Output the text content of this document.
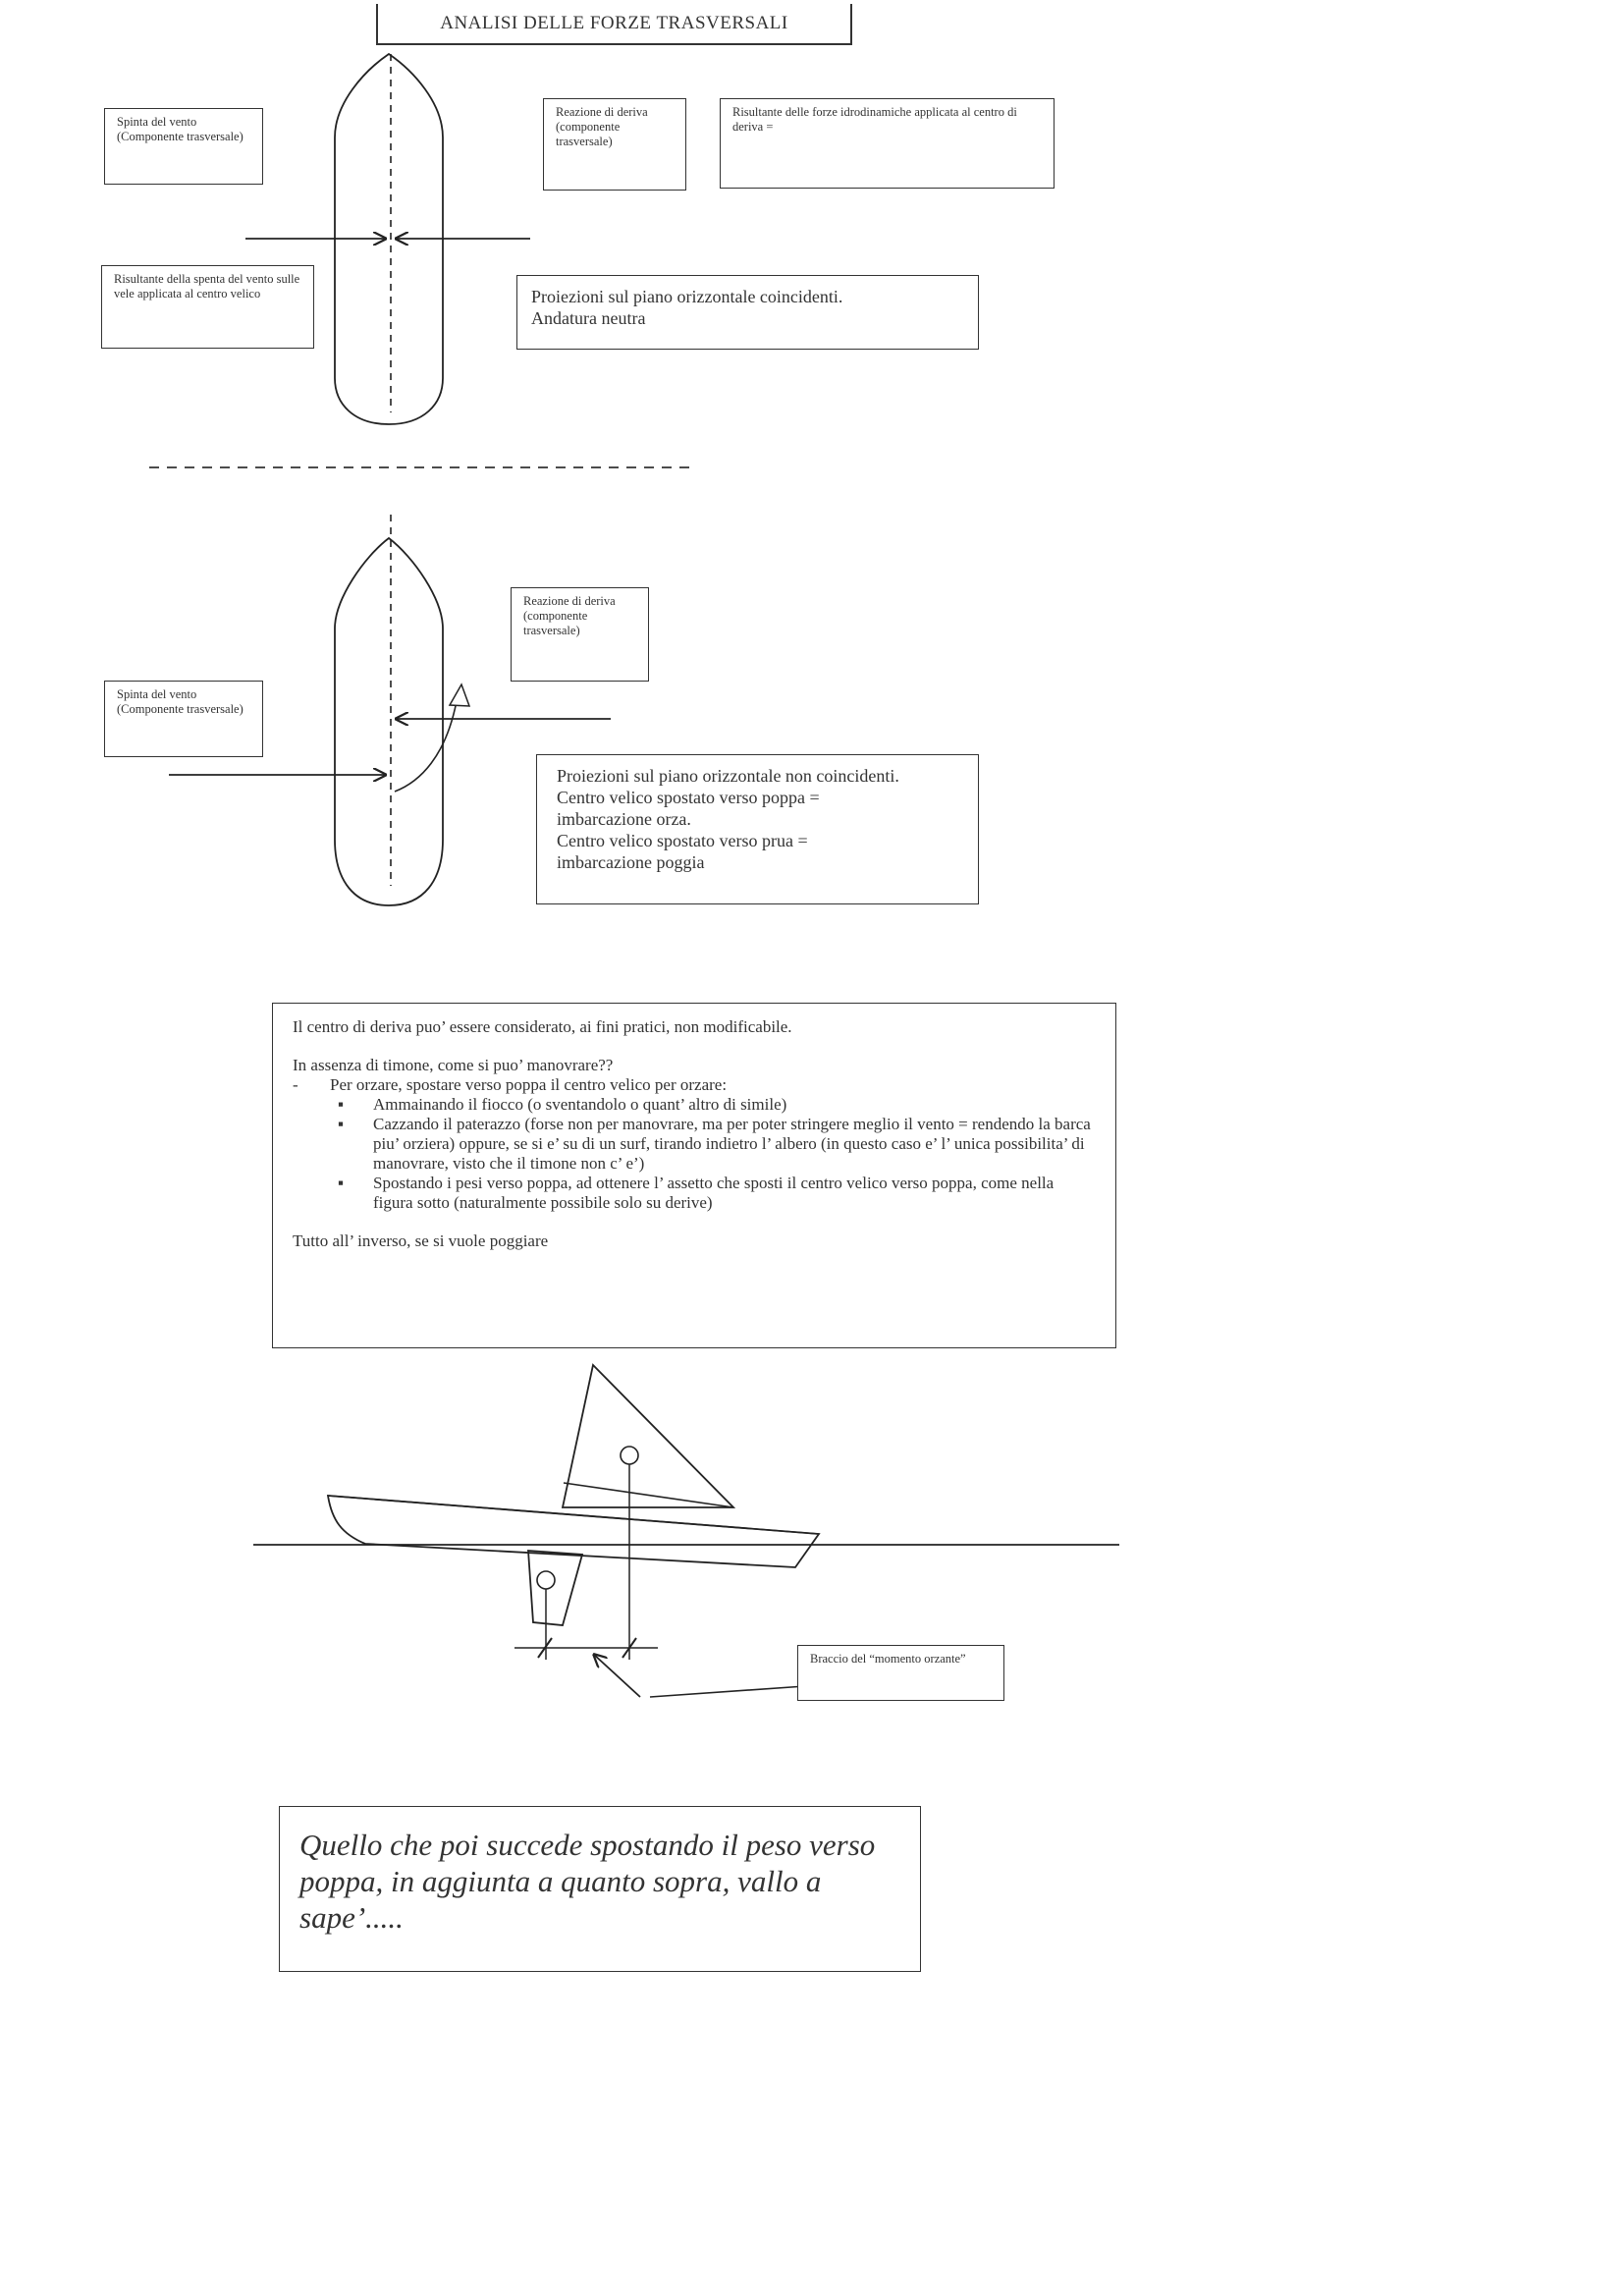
ANALISI DELLE FORZE TRASVERSALI
Spinta del vento (Componente trasversale)
Reazione di deriva (componente trasversale)
Risultante delle forze idrodinamiche applicata al centro di deriva =
Risultante della spenta del vento sulle vele applicata al centro velico	Proiezioni sul piano orizzontale coincidenti.
Andatura neutra
Reazione di deriva (componente trasversale)
Spinta del vento (Componente trasversale)
Proiezioni sul piano orizzontale non coincidenti.
Centro velico spostato verso poppa =
imbarcazione orza.
Centro velico spostato verso prua =
imbarcazione poggia

Il centro di deriva puo’ essere considerato, ai fini pratici, non modificabile.

In assenza di timone, come si puo’ manovrare??

- Per orzare, spostare verso poppa il centro velico per orzare:

▪ Ammainando il fiocco (o sventandolo o quant’ altro di simile)

▪ Cazzando il paterazzo (forse non per manovrare, ma per poter stringere meglio il vento = rendendo la barca piu’ orziera) oppure, se si e’ su di un surf, tirando indietro l’ albero (in questo caso e’ l’ unica possibilita’ di manovrare, visto che il timone non c’ e’)

▪ Spostando i pesi verso poppa, ad ottenere l’ assetto che sposti il centro velico verso poppa, come nella figura sotto (naturalmente possibile solo su derive)

Tutto all’ inverso, se si vuole poggiare

Braccio del “momento orzante”
Quello che poi succede spostando il peso verso poppa, in aggiunta a quanto sopra, vallo a sape’.....
